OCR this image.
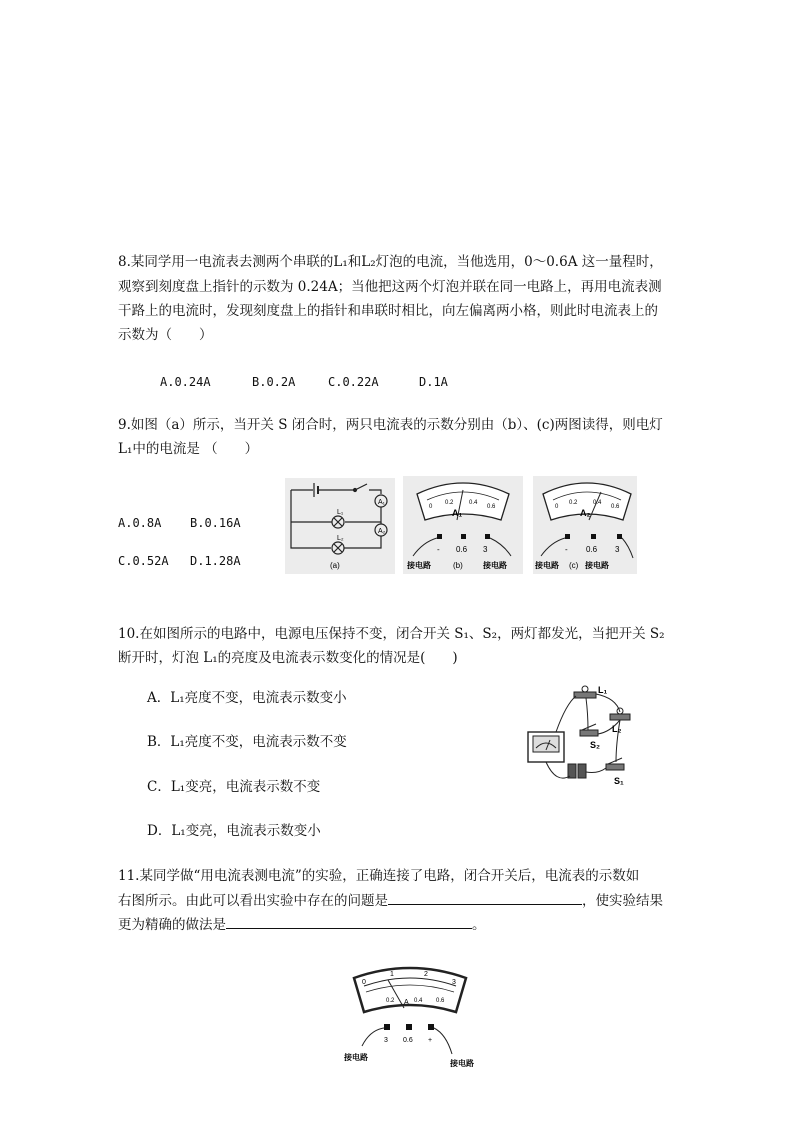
8.某同学用一电流表去测两个串联的L₁和L₂灯泡的电流，当他选用，0～0.6A 这一量程时，
观察到刻度盘上指针的示数为 0.24A；当他把这两个灯泡并联在同一电路上，再用电流表测
干路上的电流时，发现刻度盘上的指针和串联时相比，向左偏离两小格，则此时电流表上的
示数为（　　）
A.0.24A	B.0.2A	C.0.22A	D.1A
9.如图（a）所示，当开关 S 闭合时，两只电流表的示数分别由（b）、(c)两图读得，则电灯
L₁中的电流是 （　　）
A.0.8A B.0.16A
C.0.52A D.1.28A
A₁
A₂
L₁
L₂
(a)
0
0.2	0.4
0.6
A₁
- 0.6 3
接电路	(b)	接电路
0
0.2	0.4
0.6
A₂
- 0.6 3
接电路 (c) 接电路
10.在如图所示的电路中，电源电压保持不变，闭合开关 S₁、S₂，两灯都发光，当把开关 S₂
断开时，灯泡 L₁的亮度及电流表示数变化的情况是(　　)
A．L₁亮度不变，电流表示数变小
B．L₁亮度不变，电流表示数不变
C．L₁变亮，电流表示数不变
D．L₁变亮，电流表示数变小
L₁
L₂
S₂
S₁
11.某同学做“用电流表测电流”的实验，正确连接了电路，闭合开关后，电流表的示数如
右图所示。由此可以看出实验中存在的问题是	，使实验结果
更为精确的做法是	。
0
1	2
3
0.2	0.4 0.6
A
3 0.6 +
接电路
接电路
